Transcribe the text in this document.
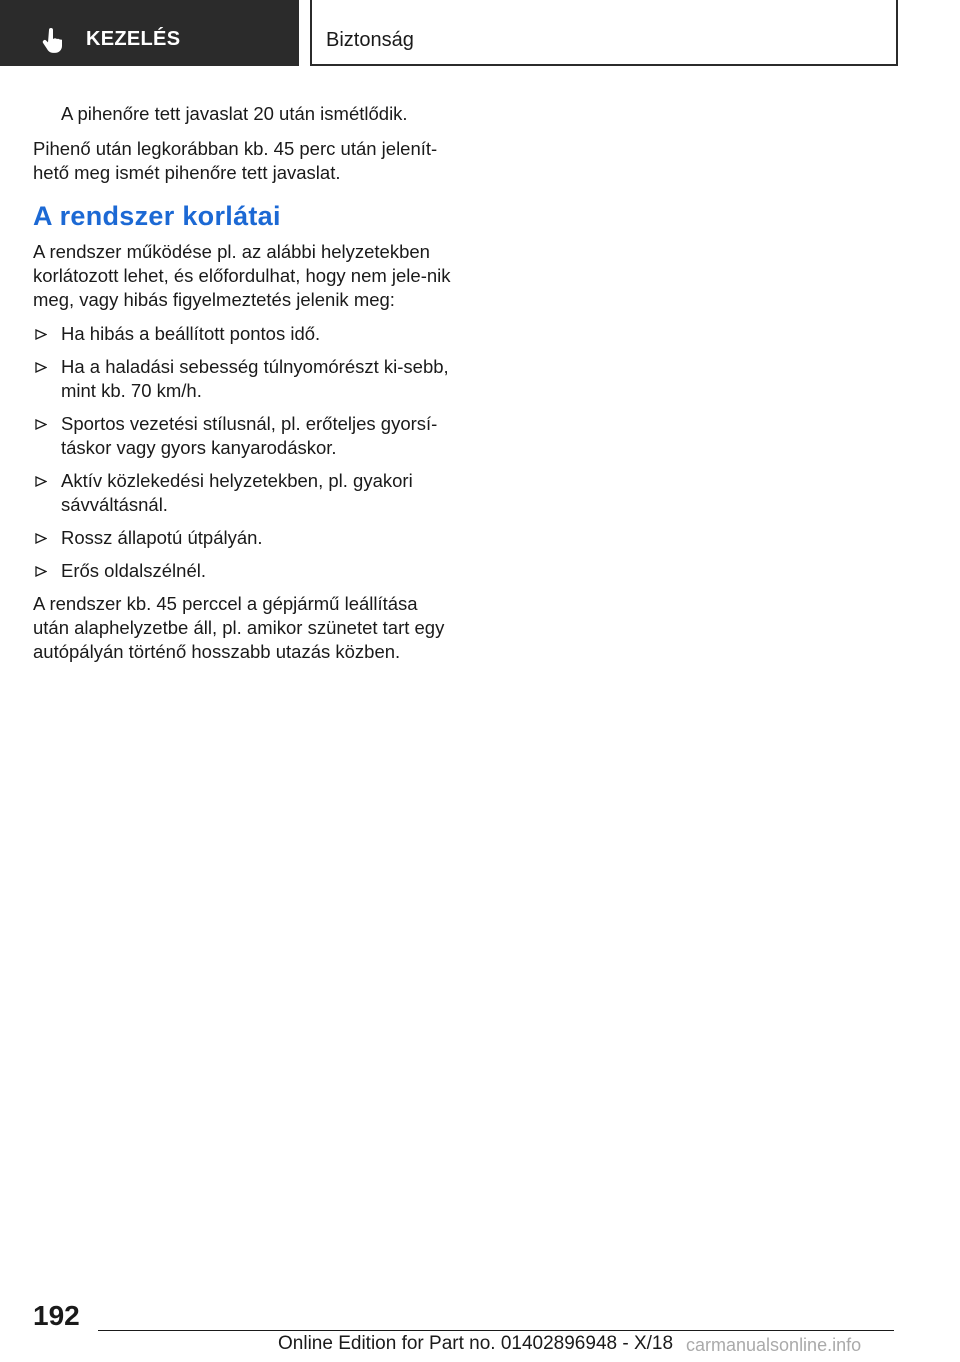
KEZELÉS	Biztonság

A pihenőre tett javaslat 20 után ismétlődik.

Pihenő után legkorábban kb. 45 perc után jelenít-hető meg ismét pihenőre tett javaslat.

A rendszer korlátai

A rendszer működése pl. az alábbi helyzetekben korlátozott lehet, és előfordulhat, hogy nem jele-nik meg, vagy hibás figyelmeztetés jelenik meg:

Ha hibás a beállított pontos idő.
Ha a haladási sebesség túlnyomórészt ki-sebb, mint kb. 70 km/h.
Sportos vezetési stílusnál, pl. erőteljes gyorsí-táskor vagy gyors kanyarodáskor.
Aktív közlekedési helyzetekben, pl. gyakori sávváltásnál.
Rossz állapotú útpályán.
Erős oldalszélnél.

A rendszer kb. 45 perccel a gépjármű leállítása után alaphelyzetbe áll, pl. amikor szünetet tart egy autópályán történő hosszabb utazás közben.

192
Online Edition for Part no. 01402896948 - X/18 carmanualsonline.info
